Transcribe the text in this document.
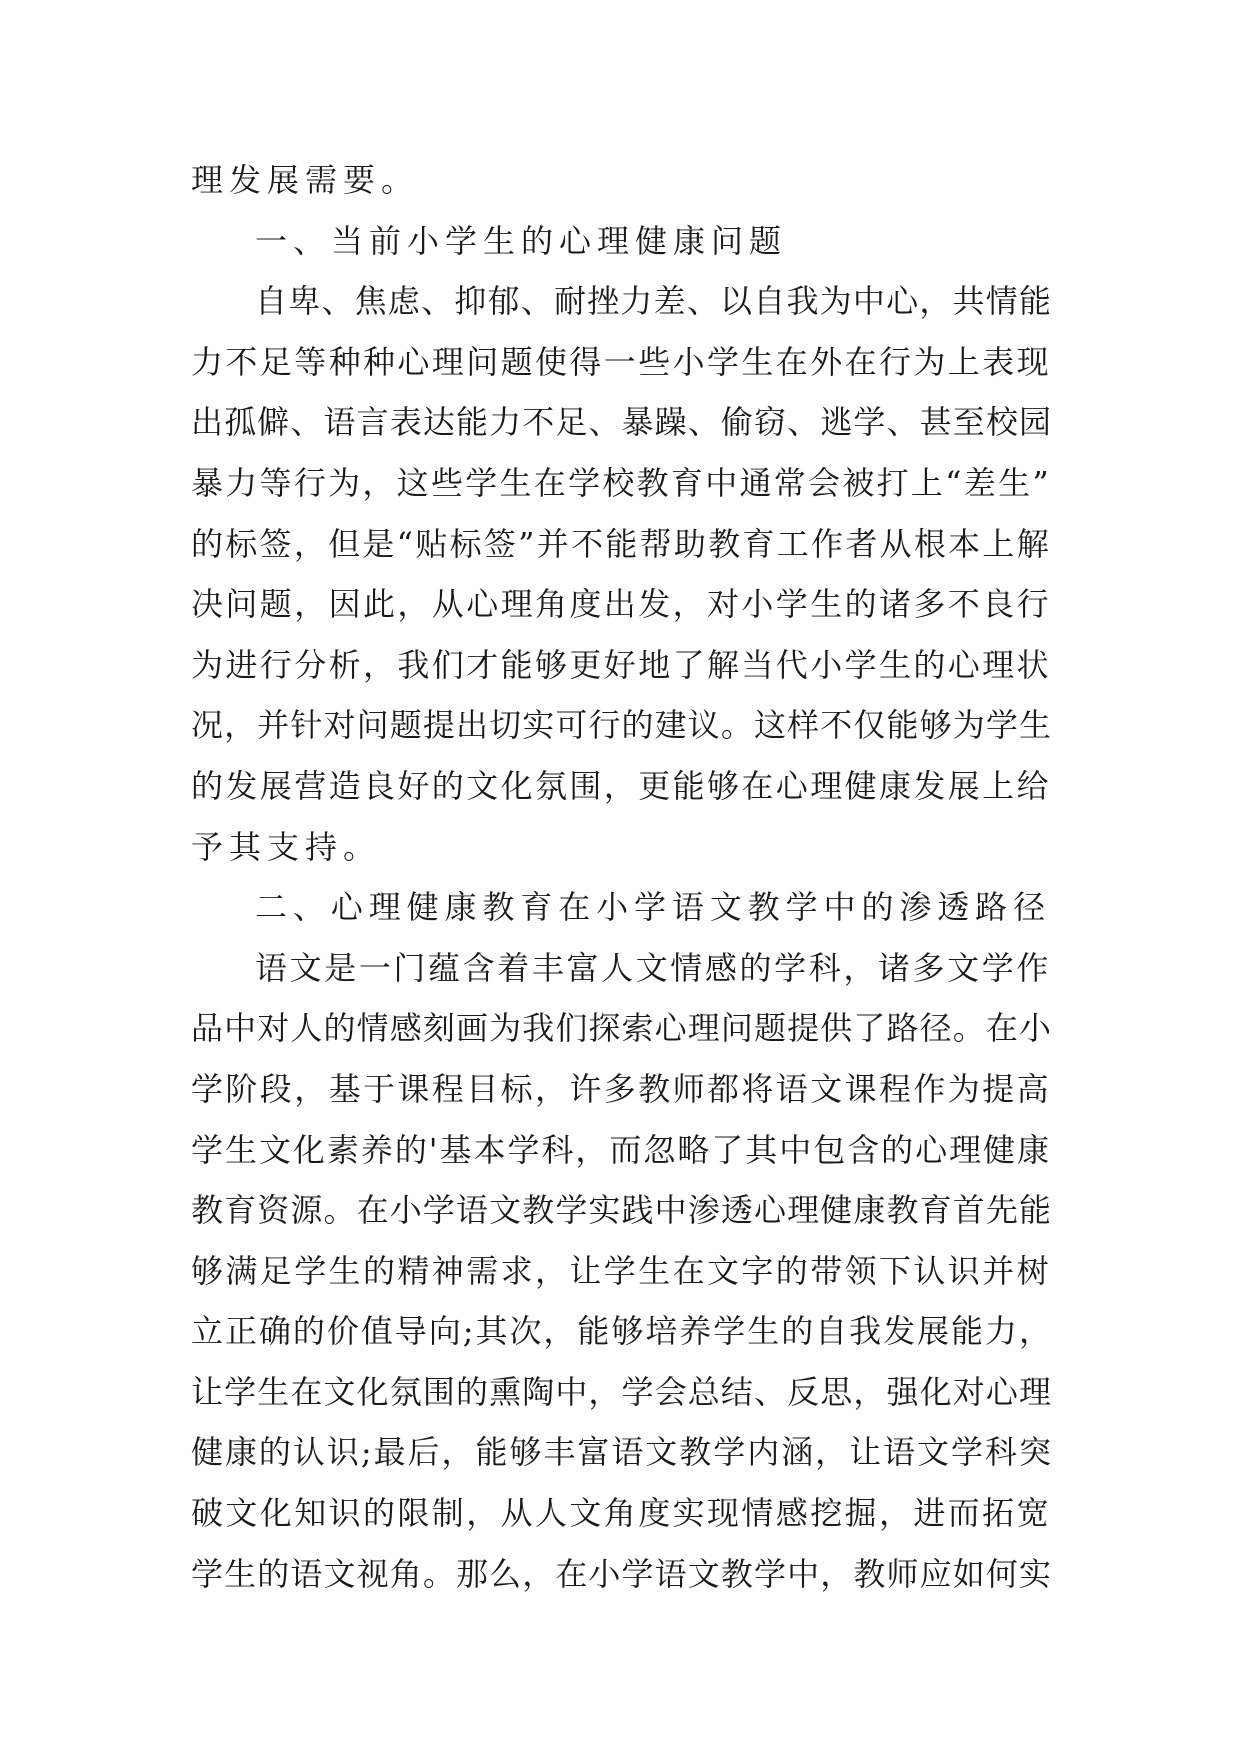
理发展需要。
一、当前小学生的心理健康问题
自卑、焦虑、抑郁、耐挫力差、以自我为中心，共情能
力不足等种种心理问题使得一些小学生在外在行为上表现
出孤僻、语言表达能力不足、暴躁、偷窃、逃学、甚至校园
暴力等行为，这些学生在学校教育中通常会被打上“差生”
的标签，但是“贴标签”并不能帮助教育工作者从根本上解
决问题，因此，从心理角度出发，对小学生的诸多不良行
为进行分析，我们才能够更好地了解当代小学生的心理状
况，并针对问题提出切实可行的建议。这样不仅能够为学生
的发展营造良好的文化氛围，更能够在心理健康发展上给
予其支持。
二、心理健康教育在小学语文教学中的渗透路径
语文是一门蕴含着丰富人文情感的学科，诸多文学作
品中对人的情感刻画为我们探索心理问题提供了路径。在小
学阶段，基于课程目标，许多教师都将语文课程作为提高
学生文化素养的'基本学科，而忽略了其中包含的心理健康
教育资源。在小学语文教学实践中渗透心理健康教育首先能
够满足学生的精神需求，让学生在文字的带领下认识并树
立正确的价值导向;其次，能够培养学生的自我发展能力，
让学生在文化氛围的熏陶中，学会总结、反思，强化对心理
健康的认识;最后，能够丰富语文教学内涵，让语文学科突
破文化知识的限制，从人文角度实现情感挖掘，进而拓宽
学生的语文视角。那么，在小学语文教学中，教师应如何实
